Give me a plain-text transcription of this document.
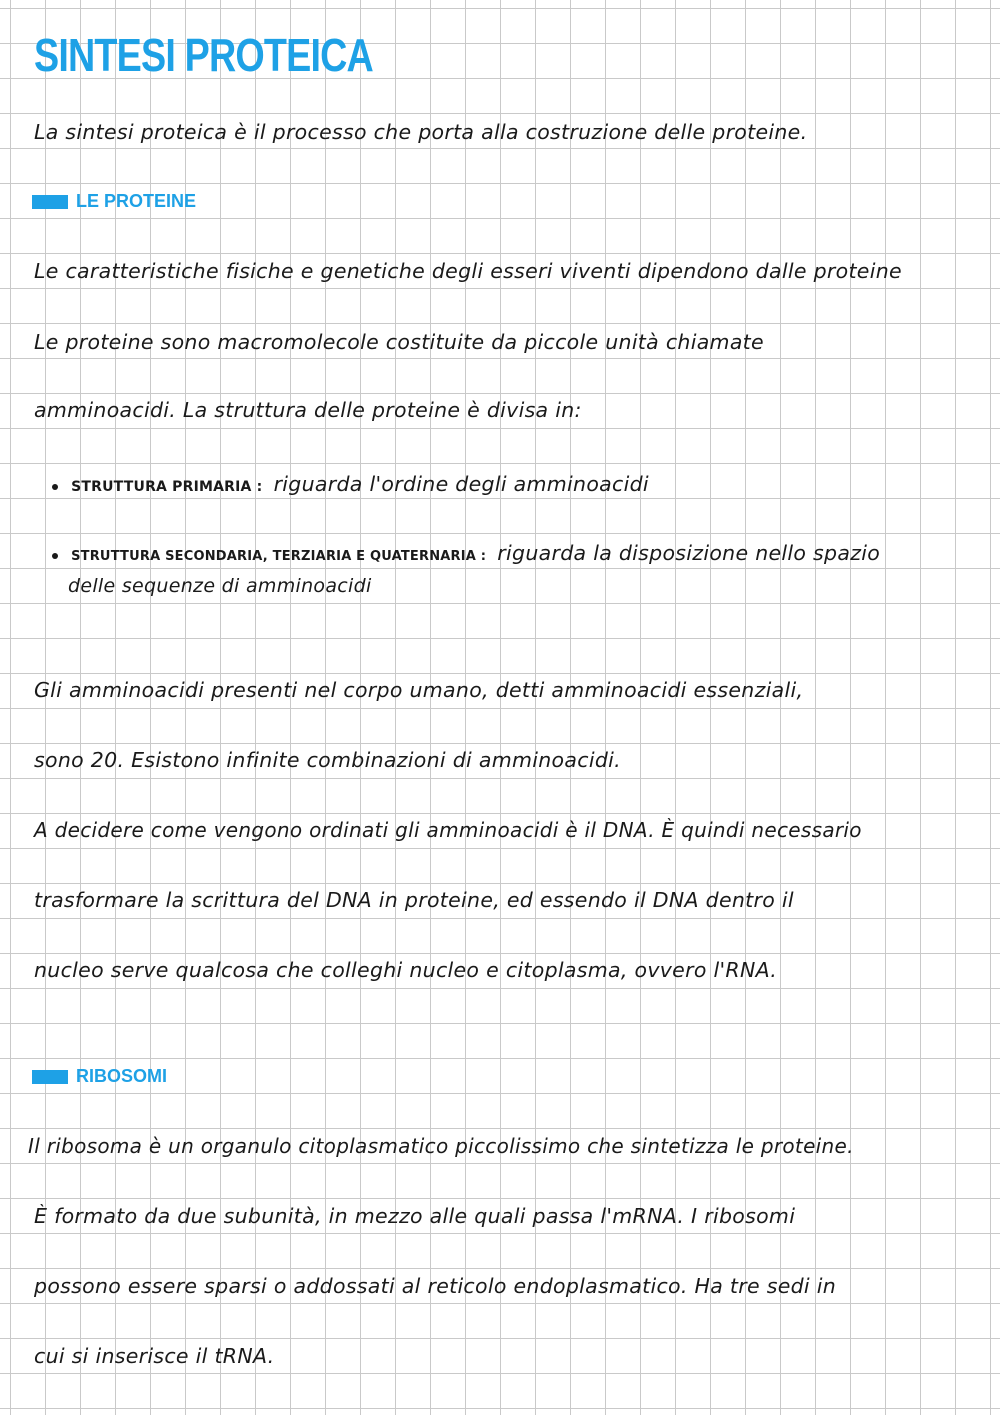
SINTESI PROTEICA
La sintesi proteica è il processo che porta alla costruzione delle proteine.
LE PROTEINE
Le caratteristiche fisiche e genetiche degli esseri viventi dipendono dalle proteine
Le proteine sono macromolecole costituite da piccole unità chiamate
amminoacidi. La struttura delle proteine è divisa in:
STRUTTURA PRIMARIA : riguarda l'ordine degli amminoacidi
STRUTTURA SECONDARIA, TERZIARIA E QUATERNARIA : riguarda la disposizione nello spazio
delle sequenze di amminoacidi
Gli amminoacidi presenti nel corpo umano, detti amminoacidi essenziali,
sono 20. Esistono infinite combinazioni di amminoacidi.
A decidere come vengono ordinati gli amminoacidi è il DNA. È quindi necessario
trasformare la scrittura del DNA in proteine, ed essendo il DNA dentro il
nucleo serve qualcosa che colleghi nucleo e citoplasma, ovvero l'RNA.
RIBOSOMI
Il ribosoma è un organulo citoplasmatico piccolissimo che sintetizza le proteine.
È formato da due subunità, in mezzo alle quali passa l'mRNA. I ribosomi
possono essere sparsi o addossati al reticolo endoplasmatico. Ha tre sedi in
cui si inserisce il tRNA.
